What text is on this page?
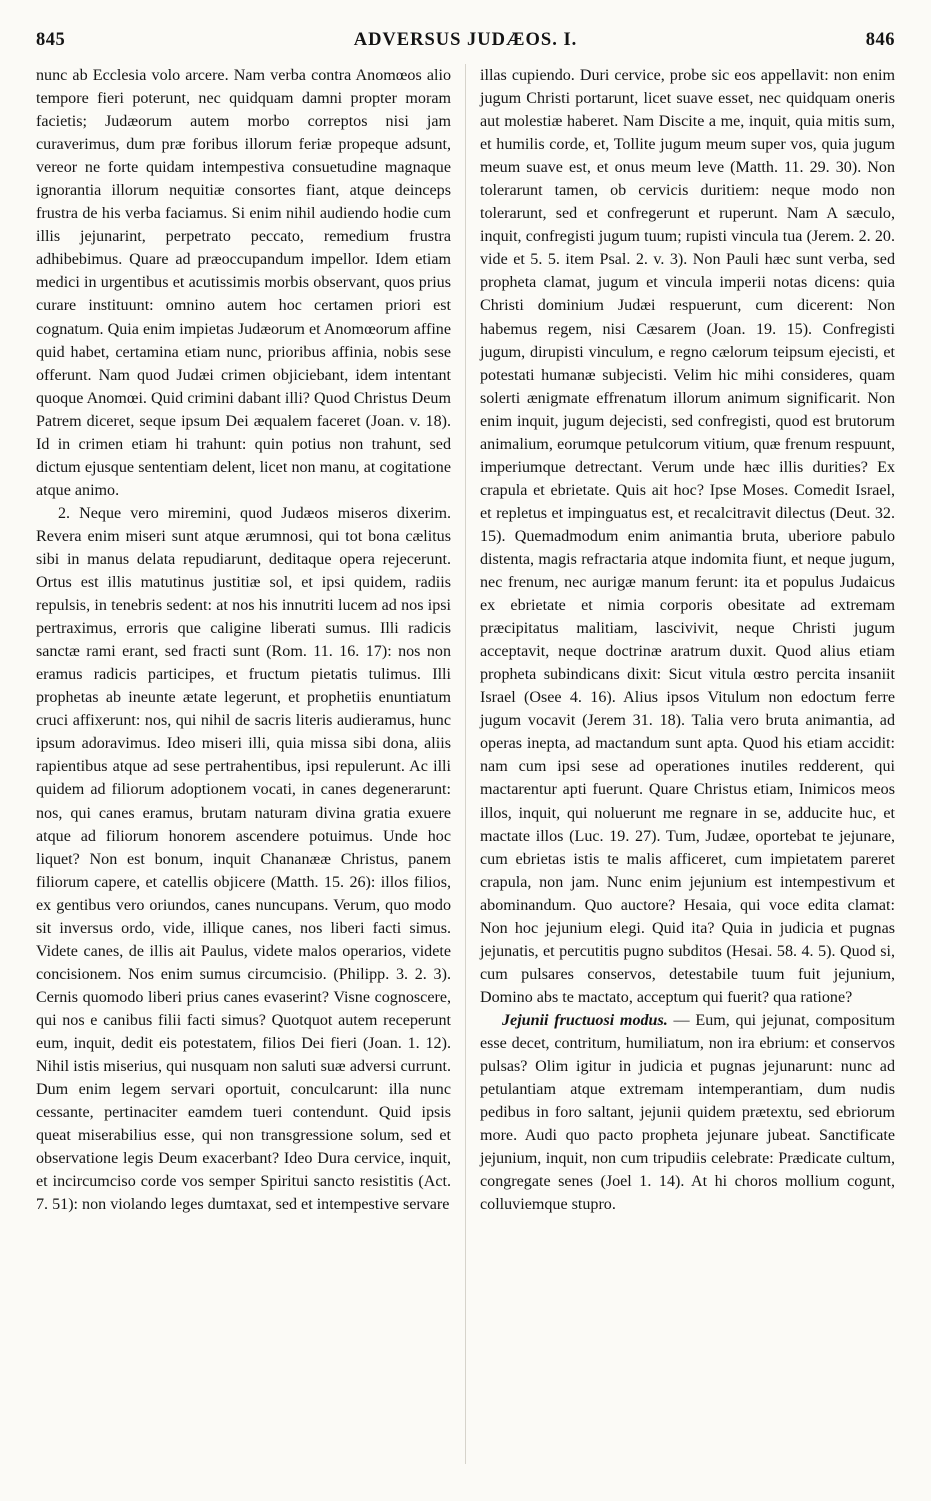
845	ADVERSUS JUDÆOS. I.	846

nunc ab Ecclesia volo arcere. Nam verba contra Anomœos alio tempore fieri poterunt, nec quidquam damni propter moram facietis; Judæorum autem morbo correptos nisi jam curaverimus, dum præ foribus illorum feriæ propeque adsunt, vereor ne forte quidam intempestiva consuetudine magnaque ignorantia illorum nequitiæ consortes fiant, atque deinceps frustra de his verba faciamus. Si enim nihil audiendo hodie cum illis jejunarint, perpetrato peccato, remedium frustra adhibebimus. Quare ad præoccupandum impellor. Idem etiam medici in urgentibus et acutissimis morbis observant, quos prius curare instituunt: omnino autem hoc certamen priori est cognatum. Quia enim impietas Judæorum et Anomœorum affine quid habet, certamina etiam nunc, prioribus affinia, nobis sese offerunt. Nam quod Judæi crimen objiciebant, idem intentant quoque Anomœi. Quid crimini dabant illi? Quod Christus Deum Patrem diceret, seque ipsum Dei æqualem faceret (Joan. v. 18). Id in crimen etiam hi trahunt: quin potius non trahunt, sed dictum ejusque sententiam delent, licet non manu, at cogitatione atque animo.

2. Neque vero miremini, quod Judæos miseros dixerim. Revera enim miseri sunt atque ærumnosi, qui tot bona cælitus sibi in manus delata repudiarunt, deditaque opera rejecerunt. Ortus est illis matutinus justitiæ sol, et ipsi quidem, radiis repulsis, in tenebris sedent: at nos his innutriti lucem ad nos ipsi pertraximus, erroris que caligine liberati sumus. Illi radicis sanctæ rami erant, sed fracti sunt (Rom. 11. 16. 17): nos non eramus radicis participes, et fructum pietatis tulimus. Illi prophetas ab ineunte ætate legerunt, et prophetiis enuntiatum cruci affixerunt: nos, qui nihil de sacris literis audieramus, hunc ipsum adoravimus. Ideo miseri illi, quia missa sibi dona, aliis rapientibus atque ad sese pertrahentibus, ipsi repulerunt. Ac illi quidem ad filiorum adoptionem vocati, in canes degenerarunt: nos, qui canes eramus, brutam naturam divina gratia exuere atque ad filiorum honorem ascendere potuimus. Unde hoc liquet? Non est bonum, inquit Chananææ Christus, panem filiorum capere, et catellis objicere (Matth. 15. 26): illos filios, ex gentibus vero oriundos, canes nuncupans. Verum, quo modo sit inversus ordo, vide, illique canes, nos liberi facti simus. Videte canes, de illis ait Paulus, videte malos operarios, videte concisionem. Nos enim sumus circumcisio. (Philipp. 3. 2. 3). Cernis quomodo liberi prius canes evaserint? Visne cognoscere, qui nos e canibus filii facti simus? Quotquot autem receperunt eum, inquit, dedit eis potestatem, filios Dei fieri (Joan. 1. 12). Nihil istis miserius, qui nusquam non saluti suæ adversi currunt. Dum enim legem servari oportuit, conculcarunt: illa nunc cessante, pertinaciter eamdem tueri contendunt. Quid ipsis queat miserabilius esse, qui non transgressione solum, sed et observatione legis Deum exacerbant? Ideo Dura cervice, inquit, et incircumciso corde vos semper Spiritui sancto resistitis (Act. 7. 51): non violando leges dumtaxat, sed et intempestive servare

illas cupiendo. Duri cervice, probe sic eos appellavit: non enim jugum Christi portarunt, licet suave esset, nec quidquam oneris aut molestiæ haberet. Nam Discite a me, inquit, quia mitis sum, et humilis corde, et, Tollite jugum meum super vos, quia jugum meum suave est, et onus meum leve (Matth. 11. 29. 30). Non tolerarunt tamen, ob cervicis duritiem: neque modo non tolerarunt, sed et confregerunt et ruperunt. Nam A sæculo, inquit, confregisti jugum tuum; rupisti vincula tua (Jerem. 2. 20. vide et 5. 5. item Psal. 2. v. 3). Non Pauli hæc sunt verba, sed propheta clamat, jugum et vincula imperii notas dicens: quia Christi dominium Judæi respuerunt, cum dicerent: Non habemus regem, nisi Cæsarem (Joan. 19. 15). Confregisti jugum, dirupisti vinculum, e regno cælorum teipsum ejecisti, et potestati humanæ subjecisti. Velim hic mihi consideres, quam solerti ænigmate effrenatum illorum animum significarit. Non enim inquit, jugum dejecisti, sed confregisti, quod est brutorum animalium, eorumque petulcorum vitium, quæ frenum respuunt, imperiumque detrectant. Verum unde hæc illis durities? Ex crapula et ebrietate. Quis ait hoc? Ipse Moses. Comedit Israel, et repletus et impinguatus est, et recalcitravit dilectus (Deut. 32. 15). Quemadmodum enim animantia bruta, uberiore pabulo distenta, magis refractaria atque indomita fiunt, et neque jugum, nec frenum, nec aurigæ manum ferunt: ita et populus Judaicus ex ebrietate et nimia corporis obesitate ad extremam præcipitatus malitiam, lascivivit, neque Christi jugum acceptavit, neque doctrinæ aratrum duxit. Quod alius etiam propheta subindicans dixit: Sicut vitula œstro percita insaniit Israel (Osee 4. 16). Alius ipsos Vitulum non edoctum ferre jugum vocavit (Jerem 31. 18). Talia vero bruta animantia, ad operas inepta, ad mactandum sunt apta. Quod his etiam accidit: nam cum ipsi sese ad operationes inutiles redderent, qui mactarentur apti fuerunt. Quare Christus etiam, Inimicos meos illos, inquit, qui noluerunt me regnare in se, adducite huc, et mactate illos (Luc. 19. 27). Tum, Judæe, oportebat te jejunare, cum ebrietas istis te malis afficeret, cum impietatem pareret crapula, non jam. Nunc enim jejunium est intempestivum et abominandum. Quo auctore? Hesaia, qui voce edita clamat: Non hoc jejunium elegi. Quid ita? Quia in judicia et pugnas jejunatis, et percutitis pugno subditos (Hesai. 58. 4. 5). Quod si, cum pulsares conservos, detestabile tuum fuit jejunium, Domino abs te mactato, acceptum qui fuerit? qua ratione?

Jejunii fructuosi modus. — Eum, qui jejunat, compositum esse decet, contritum, humiliatum, non ira ebrium: et conservos pulsas? Olim igitur in judicia et pugnas jejunarunt: nunc ad petulantiam atque extremam intemperantiam, dum nudis pedibus in foro saltant, jejunii quidem prætextu, sed ebriorum more. Audi quo pacto propheta jejunare jubeat. Sanctificate jejunium, inquit, non cum tripudiis celebrate: Prædicate cultum, congregate senes (Joel 1. 14). At hi choros mollium cogunt, colluviemque stupro.
